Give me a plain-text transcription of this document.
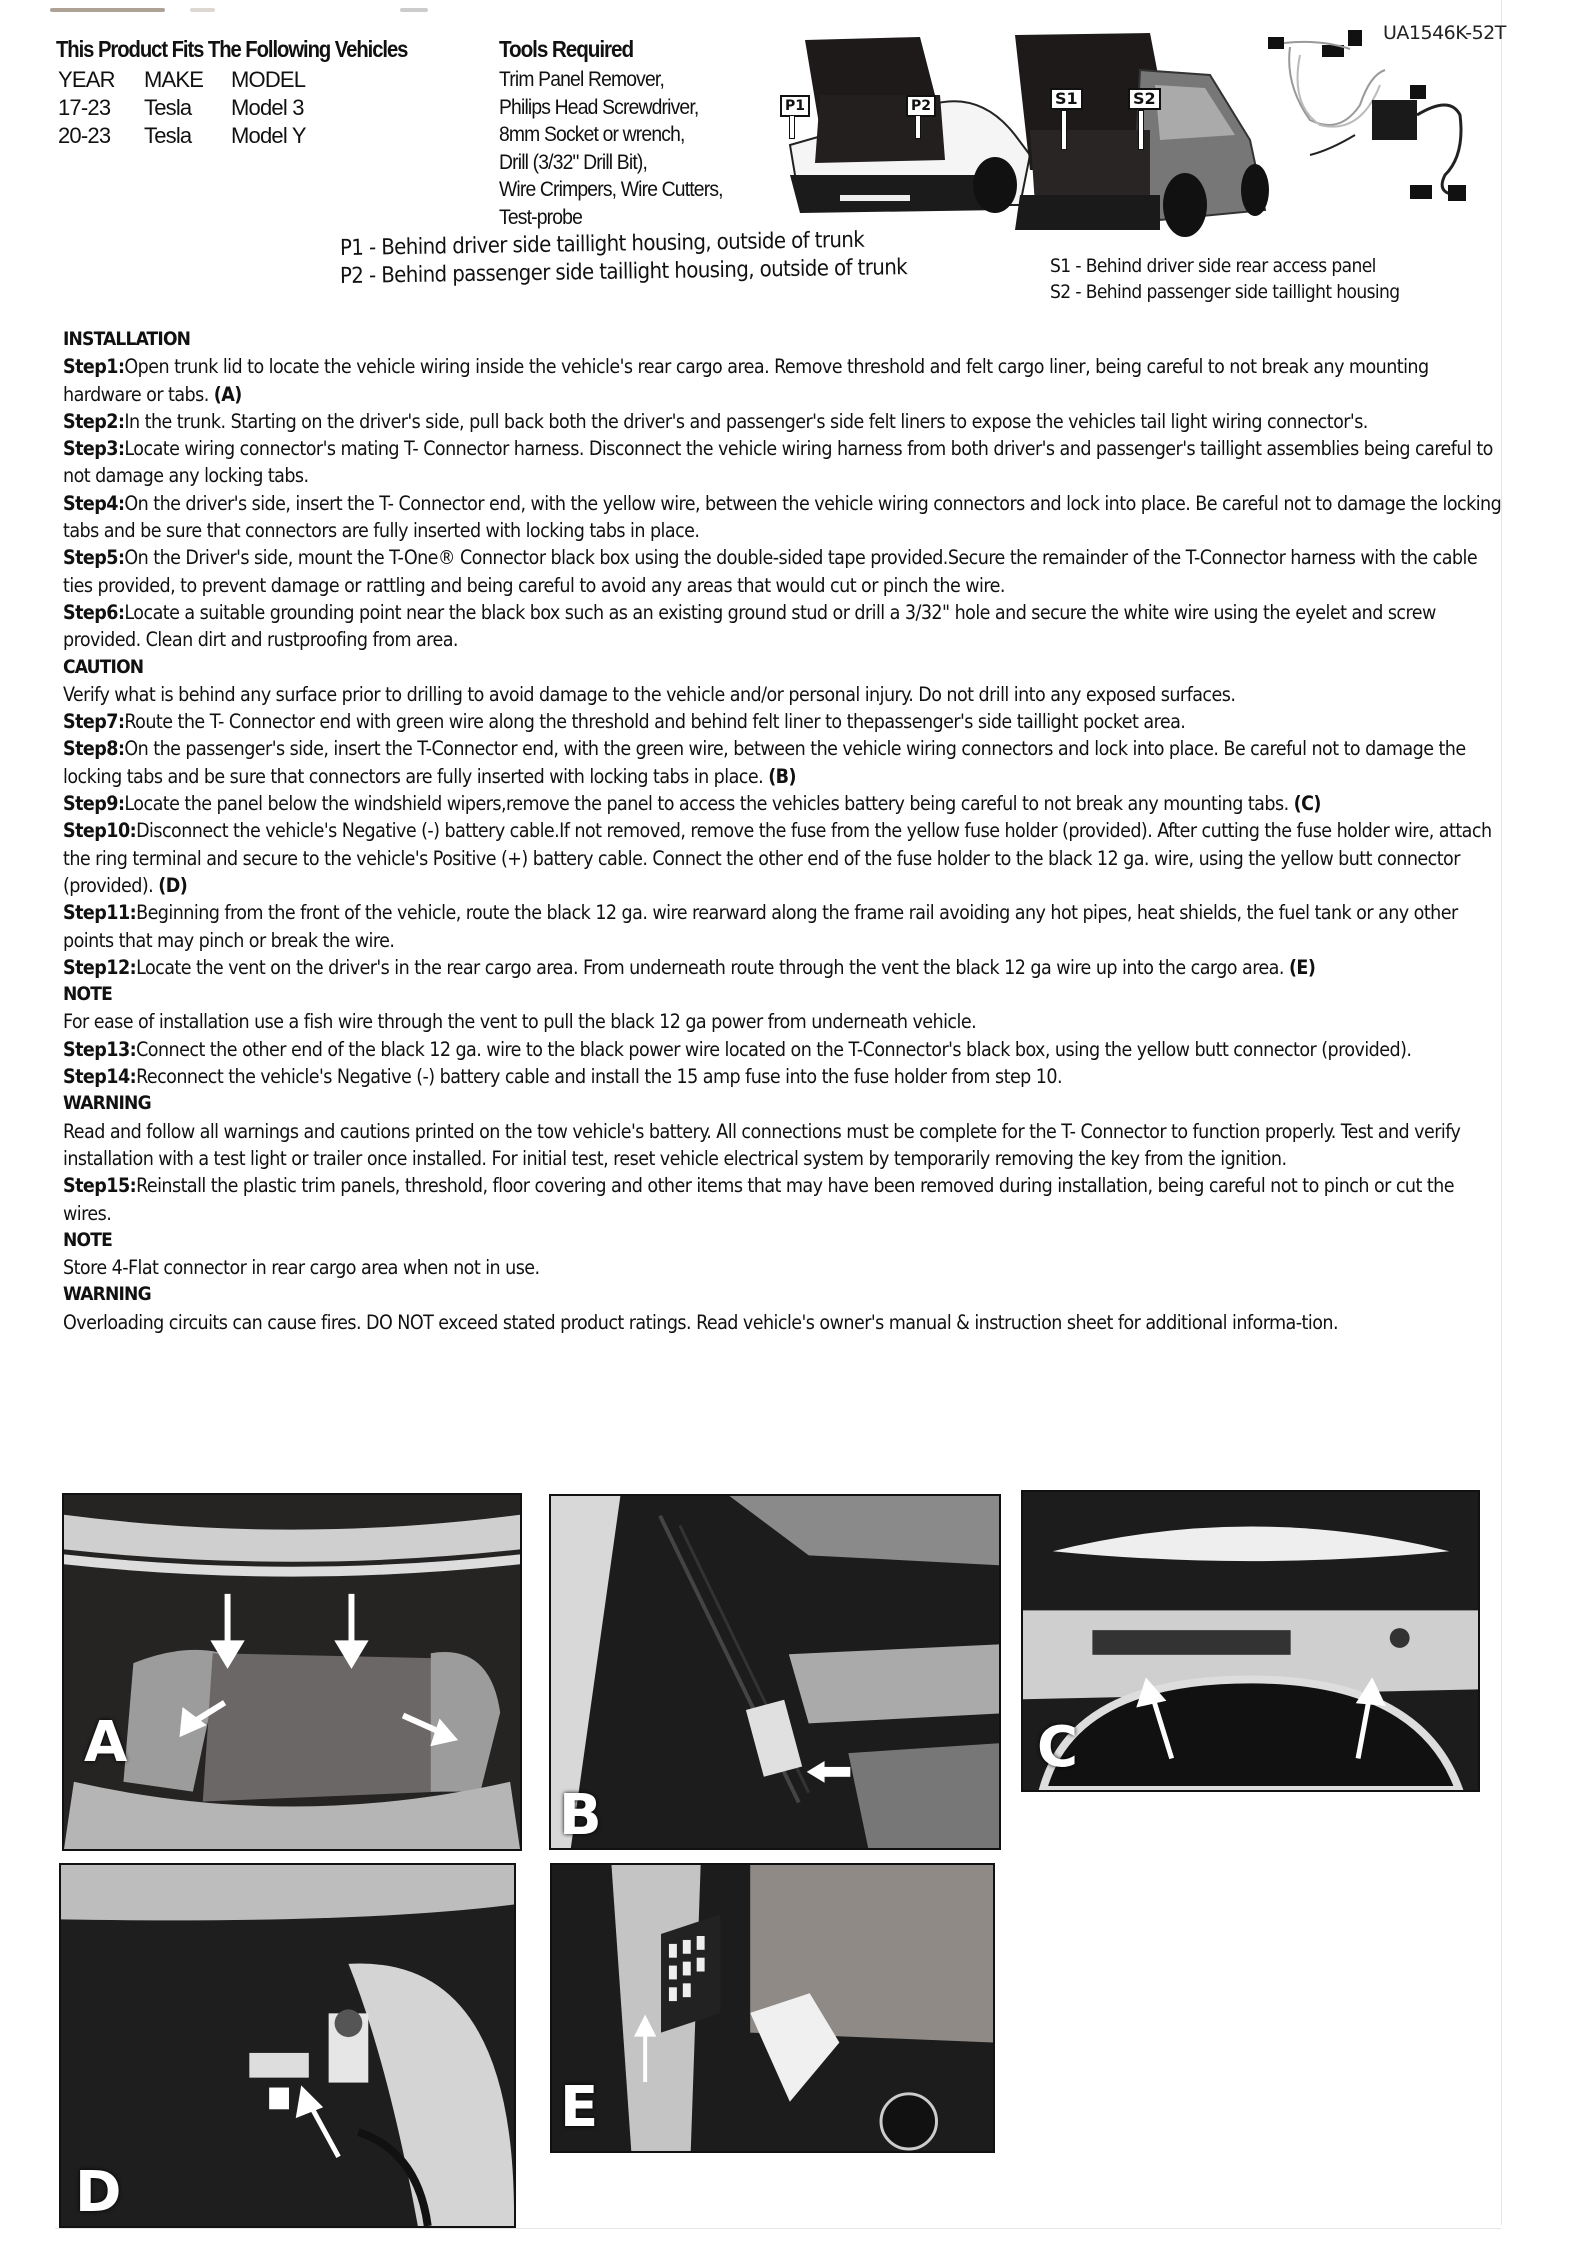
This Product Fits The Following Vehicles
YEAR	MAKE	MODEL
17-23	Tesla	Model 3
20-23	Tesla	Model Y
Tools Required
Trim Panel Remover,
Philips Head Screwdriver,
8mm Socket or wrench,
Drill (3/32" Drill Bit),
Wire Crimpers, Wire Cutters,
Test-probe
P1	P2	S1	S2
UA1546K-52T
P1 - Behind driver side taillight housing, outside of trunk
P2 - Behind passenger side taillight housing, outside of trunk	S1 - Behind driver side rear access panel
S2 - Behind passenger side taillight housing

INSTALLATION

Step1:Open trunk lid to locate the vehicle wiring inside the vehicle's rear cargo area. Remove threshold and felt cargo liner, being careful to not break any mounting hardware or tabs. (A)

Step2:In the trunk. Starting on the driver's side, pull back both the driver's and passenger's side felt liners to expose the vehicles tail light wiring connector's.

Step3:Locate wiring connector's mating T- Connector harness. Disconnect the vehicle wiring harness from both driver's and passenger's taillight assemblies being careful to not damage any locking tabs.

Step4:On the driver's side, insert the T- Connector end, with the yellow wire, between the vehicle wiring connectors and lock into place. Be careful not to damage the locking tabs and be sure that connectors are fully inserted with locking tabs in place.

Step5:On the Driver's side, mount the T-One® Connector black box using the double-sided tape provided.Secure the remainder of the T-Connector harness with the cable ties provided, to prevent damage or rattling and being careful to avoid any areas that would cut or pinch the wire.

Step6:Locate a suitable grounding point near the black box such as an existing ground stud or drill a 3/32" hole and secure the white wire using the eyelet and screw provided. Clean dirt and rustproofing from area.

CAUTION

Verify what is behind any surface prior to drilling to avoid damage to the vehicle and/or personal injury. Do not drill into any exposed surfaces.

Step7:Route the T- Connector end with green wire along the threshold and behind felt liner to thepassenger's side taillight pocket area.

Step8:On the passenger's side, insert the T-Connector end, with the green wire, between the vehicle wiring connectors and lock into place. Be careful not to damage the locking tabs and be sure that connectors are fully inserted with locking tabs in place. (B)

Step9:Locate the panel below the windshield wipers,remove the panel to access the vehicles battery being careful to not break any mounting tabs. (C)

Step10:Disconnect the vehicle's Negative (-) battery cable.If not removed, remove the fuse from the yellow fuse holder (provided). After cutting the fuse holder wire, attach the ring terminal and secure to the vehicle's Positive (+) battery cable. Connect the other end of the fuse holder to the black 12 ga. wire, using the yellow butt connector (provided). (D)

Step11:Beginning from the front of the vehicle, route the black 12 ga. wire rearward along the frame rail avoiding any hot pipes, heat shields, the fuel tank or any other points that may pinch or break the wire.

Step12:Locate the vent on the driver's in the rear cargo area. From underneath route through the vent the black 12 ga wire up into the cargo area. (E)

NOTE

For ease of installation use a fish wire through the vent to pull the black 12 ga power from underneath vehicle.

Step13:Connect the other end of the black 12 ga. wire to the black power wire located on the T-Connector's black box, using the yellow butt connector (provided).

Step14:Reconnect the vehicle's Negative (-) battery cable and install the 15 amp fuse into the fuse holder from step 10.

WARNING

Read and follow all warnings and cautions printed on the tow vehicle's battery. All connections must be complete for the T- Connector to function properly. Test and verify installation with a test light or trailer once installed. For initial test, reset vehicle electrical system by temporarily removing the key from the ignition.

Step15:Reinstall the plastic trim panels, threshold, floor covering and other items that may have been removed during installation, being careful not to pinch or cut the wires.

NOTE

Store 4-Flat connector in rear cargo area when not in use.

WARNING

Overloading circuits can cause fires. DO NOT exceed stated product ratings. Read vehicle's owner's manual & instruction sheet for additional informa-tion.

A
B
C
D
E
